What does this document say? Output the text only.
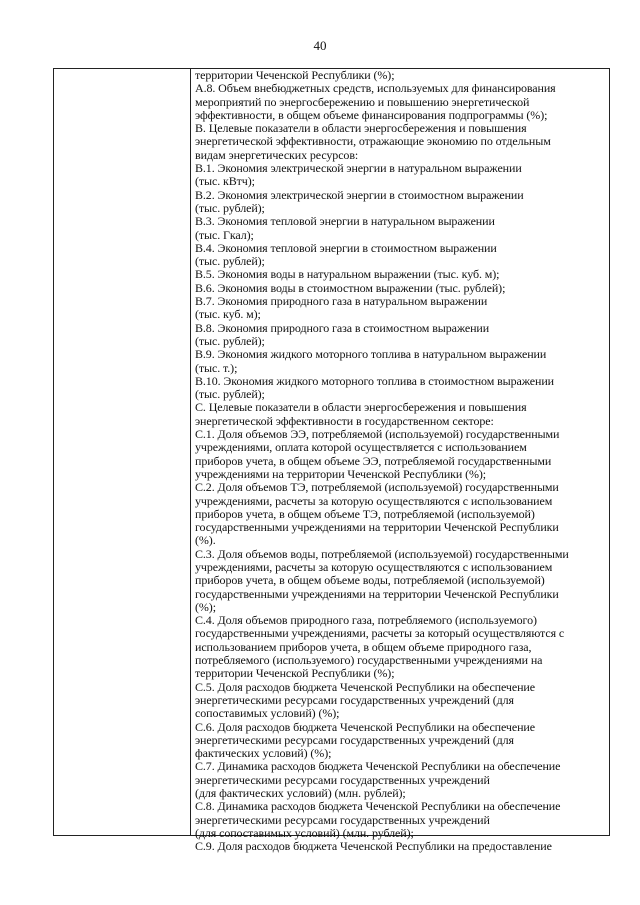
40
территории Чеченской Республики (%);
А.8. Объем внебюджетных средств, используемых для финансирования
мероприятий по энергосбережению и повышению энергетической
эффективности, в общем объеме финансирования подпрограммы (%);
В. Целевые показатели в области энергосбережения и повышения
энергетической эффективности, отражающие экономию по отдельным
видам энергетических ресурсов:
В.1. Экономия электрической энергии в натуральном выражении
(тыс. кВтч);
В.2. Экономия электрической энергии в стоимостном выражении
(тыс. рублей);
В.3. Экономия тепловой энергии в натуральном выражении
(тыс. Гкал);
В.4. Экономия тепловой энергии в стоимостном выражении
(тыс. рублей);
В.5. Экономия воды в натуральном выражении (тыс. куб. м);
В.6. Экономия воды в стоимостном выражении (тыс. рублей);
В.7. Экономия природного газа в натуральном выражении
(тыс. куб. м);
В.8. Экономия природного газа в стоимостном выражении
(тыс. рублей);
В.9. Экономия жидкого моторного топлива в натуральном выражении
(тыс. т.);
В.10. Экономия жидкого моторного топлива в стоимостном выражении
(тыс. рублей);
С. Целевые показатели в области энергосбережения и повышения
энергетической эффективности в государственном секторе:
С.1. Доля объемов ЭЭ, потребляемой (используемой) государственными
учреждениями, оплата которой осуществляется с использованием
приборов учета, в общем объеме ЭЭ, потребляемой государственными
учреждениями на территории Чеченской Республики (%);
С.2. Доля объемов ТЭ, потребляемой (используемой) государственными
учреждениями, расчеты за которую осуществляются с использованием
приборов учета, в общем объеме ТЭ, потребляемой (используемой)
государственными учреждениями на территории Чеченской Республики
(%).
С.3. Доля объемов воды, потребляемой (используемой) государственными
учреждениями, расчеты за которую осуществляются с использованием
приборов учета, в общем объеме воды, потребляемой (используемой)
государственными учреждениями на территории Чеченской Республики
(%);
С.4. Доля объемов природного газа, потребляемого (используемого)
государственными учреждениями, расчеты за который осуществляются с
использованием приборов учета, в общем объеме природного газа,
потребляемого (используемого) государственными учреждениями на
территории Чеченской Республики (%);
С.5. Доля расходов бюджета Чеченской Республики на обеспечение
энергетическими ресурсами государственных учреждений (для
сопоставимых условий) (%);
С.6. Доля расходов бюджета Чеченской Республики на обеспечение
энергетическими ресурсами государственных учреждений (для
фактических условий) (%);
С.7. Динамика расходов бюджета Чеченской Республики на обеспечение
энергетическими ресурсами государственных учреждений
(для фактических условий) (млн. рублей);
С.8. Динамика расходов бюджета Чеченской Республики на обеспечение
энергетическими ресурсами государственных учреждений
(для сопоставимых условий) (млн. рублей);
С.9. Доля расходов бюджета Чеченской Республики на предоставление
